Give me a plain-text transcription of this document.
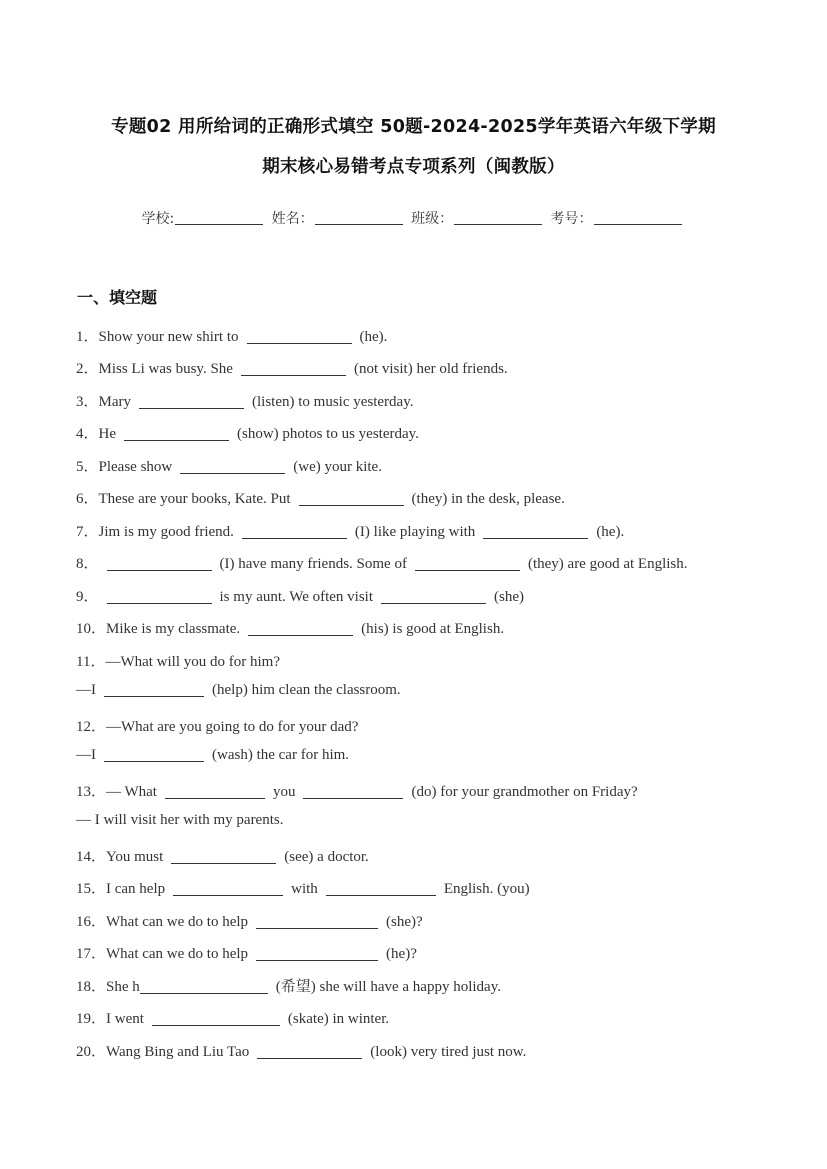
专题02 用所给词的正确形式填空 50题-2024-2025学年英语六年级下学期
期末核心易错考点专项系列（闽教版）
学校:	姓名：	班级：	考号：
一、填空题
1．Show your new shirt to	(he).
2．Miss Li was busy. She	(not visit) her old friends.
3．Mary	(listen) to music yesterday.
4．He	(show) photos to us yesterday.
5．Please show	(we) your kite.
6．These are your books, Kate. Put	(they) in the desk, please.
7．Jim is my good friend.	(I) like playing with	(he).
8．	(I) have many friends. Some of	(they) are good at English.
9．	is my aunt. We often visit	(she)
10．Mike is my classmate.	(his) is good at English.
11．—What will you do for him?
—I	(help) him clean the classroom.
12．—What are you going to do for your dad?
—I	(wash) the car for him.
13．— What	you	(do) for your grandmother on Friday?
— I will visit her with my parents.
14．You must	(see) a doctor.
15．I can help	with	English. (you)
16．What can we do to help	(she)?
17．What can we do to help	(he)?
18．She h	(希望) she will have a happy holiday.
19．I went	(skate) in winter.
20．Wang Bing and Liu Tao	(look) very tired just now.
